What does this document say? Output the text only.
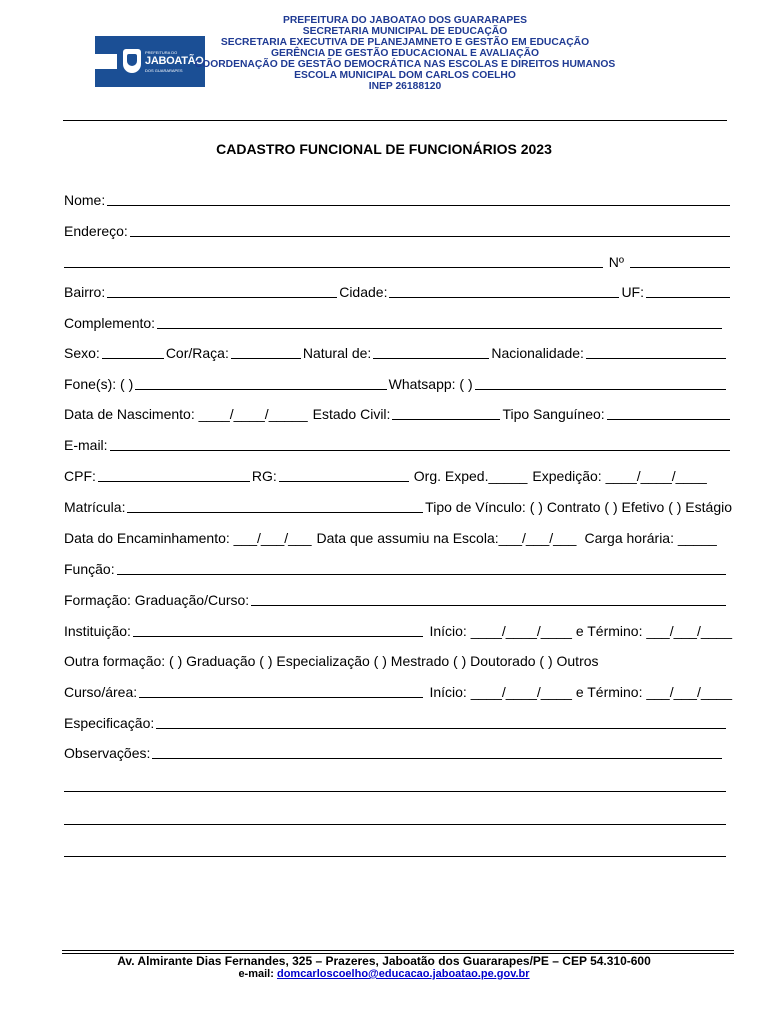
PREFEITURA DO
JABOATÃO
DOS GUARARAPES
PREFEITURA DO JABOATAO DOS GUARARAPES
SECRETARIA MUNICIPAL DE EDUCAÇÃO
SECRETARIA EXECUTIVA DE PLANEJAMNETO E GESTÃO EM EDUCAÇÃO
GERÊNCIA DE GESTÃO EDUCACIONAL E AVALIAÇÃO
COORDENAÇÃO DE GESTÃO DEMOCRÁTICA NAS ESCOLAS E DIREITOS HUMANOS
ESCOLA MUNICIPAL DOM CARLOS COELHO
INEP 26188120
CADASTRO FUNCIONAL DE FUNCIONÁRIOS 2023
Nome:
Endereço:
Nº
Bairro:	Cidade:	UF:
Complemento:
Sexo:	Cor/Raça:	Natural de:	Nacionalidade:
Fone(s): ( )	Whatsapp: ( )
Data de Nascimento: ____/____/_____ Estado Civil:	Tipo Sanguíneo:
E-mail:
CPF:	RG:	Org. Exped._____ Expedição: ____/____/____
Matrícula:	Tipo de Vínculo: ( ) Contrato ( ) Efetivo ( ) Estágio
Data do Encaminhamento: ___/___/___ Data que assumiu na Escola:___/___/___ Carga horária: _____
Função:
Formação: Graduação/Curso:
Instituição:	Início: ____/____/____ e Término: ___/___/____
Outra formação: ( ) Graduação ( ) Especialização ( ) Mestrado ( ) Doutorado ( ) Outros
Curso/área:	Início: ____/____/____ e Término: ___/___/____
Especificação:
Observações:
Av. Almirante Dias Fernandes, 325 – Prazeres, Jaboatão dos Guararapes/PE – CEP 54.310-600
e-mail: domcarloscoelho@educacao.jaboatao.pe.gov.br
